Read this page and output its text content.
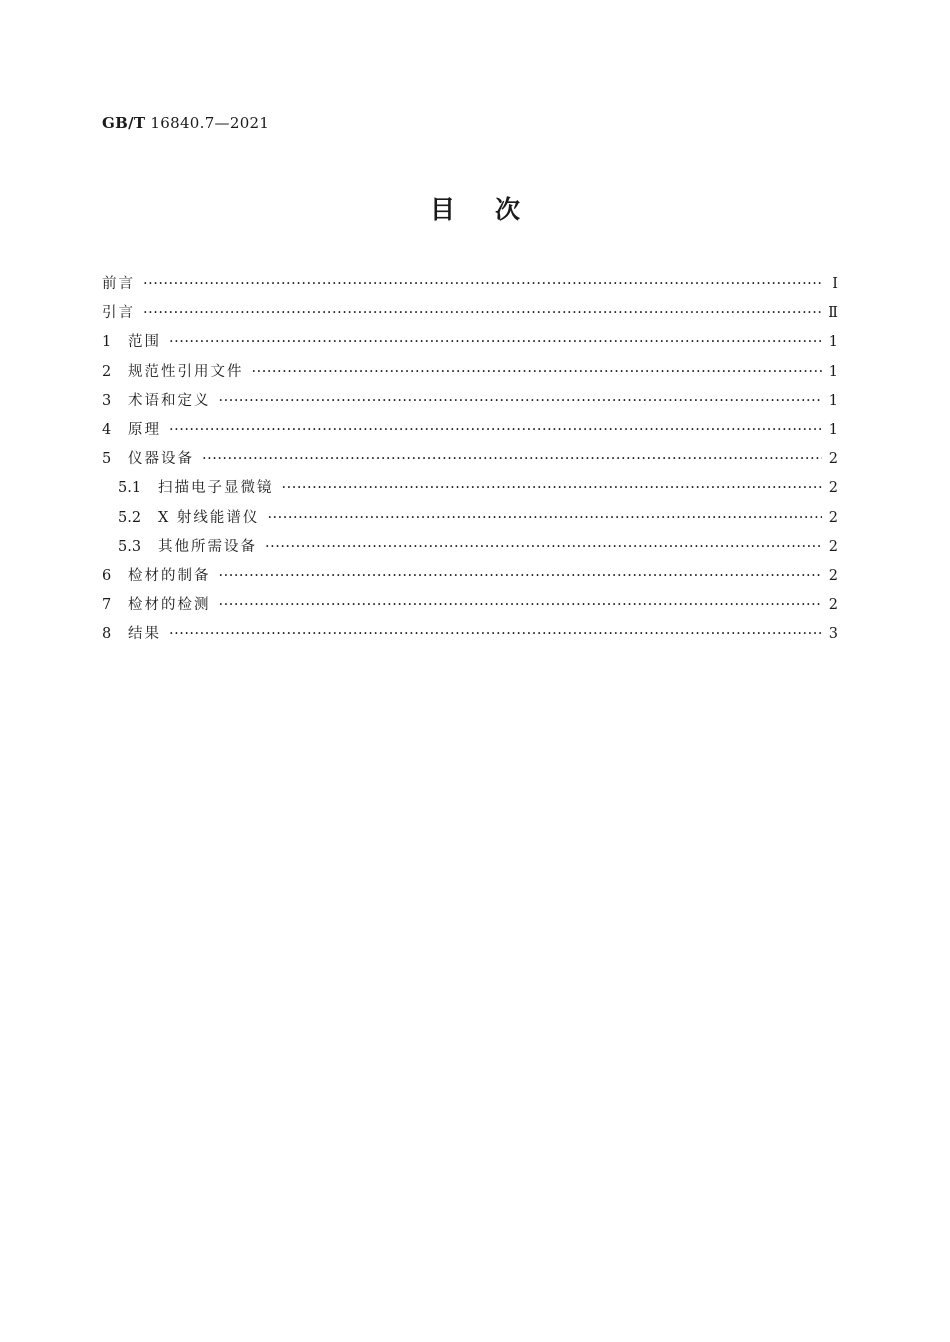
GB/T 16840.7—2021
目次
前言 ·····	Ⅰ
引言 ·····	Ⅱ
1	范围 ·····	1
2	规范性引用文件 ·····	1
3	术语和定义 ·····	1
4	原理 ·····	1
5	仪器设备 ·····	2
5.1	扫描电子显微镜 ·····	2
5.2	X 射线能谱仪 ·····	2
5.3	其他所需设备 ·····	2
6	检材的制备 ·····	2
7	检材的检测 ·····	2
8	结果 ·····	3
